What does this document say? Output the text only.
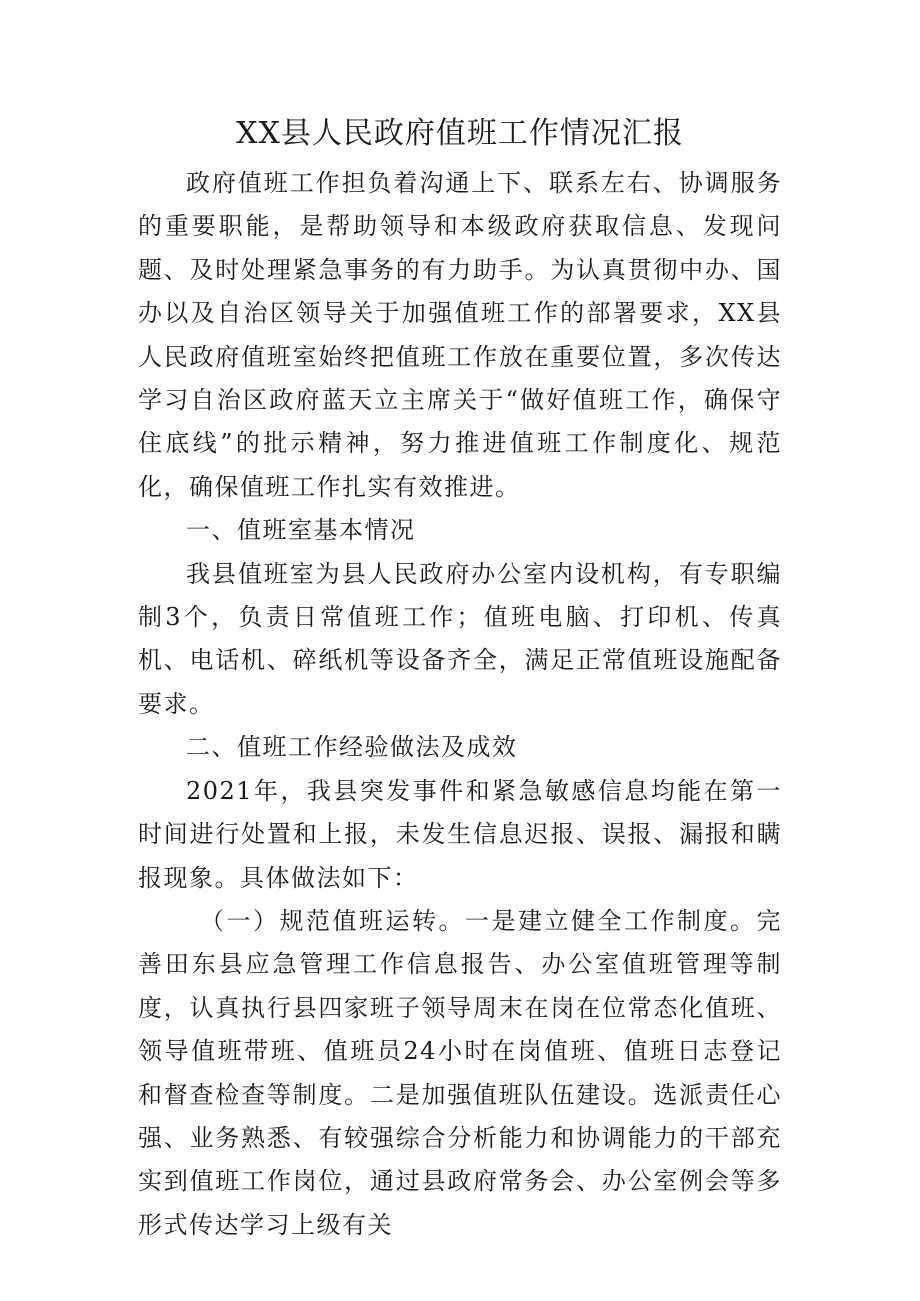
XX县人民政府值班工作情况汇报

政府值班工作担负着沟通上下、联系左右、协调服务的重要职能，是帮助领导和本级政府获取信息、发现问题、及时处理紧急事务的有力助手。为认真贯彻中办、国办以及自治区领导关于加强值班工作的部署要求，XX县人民政府值班室始终把值班工作放在重要位置，多次传达学习自治区政府蓝天立主席关于“做好值班工作，确保守住底线”的批示精神，努力推进值班工作制度化、规范化，确保值班工作扎实有效推进。

一、值班室基本情况

我县值班室为县人民政府办公室内设机构，有专职编制3个，负责日常值班工作；值班电脑、打印机、传真机、电话机、碎纸机等设备齐全，满足正常值班设施配备要求。

二、值班工作经验做法及成效

2021年，我县突发事件和紧急敏感信息均能在第一时间进行处置和上报，未发生信息迟报、误报、漏报和瞒报现象。具体做法如下：

（一）规范值班运转。一是建立健全工作制度。完善田东县应急管理工作信息报告、办公室值班管理等制度，认真执行县四家班子领导周末在岗在位常态化值班、领导值班带班、值班员24小时在岗值班、值班日志登记和督查检查等制度。二是加强值班队伍建设。选派责任心强、业务熟悉、有较强综合分析能力和协调能力的干部充实到值班工作岗位，通过县政府常务会、办公室例会等多形式传达学习上级有关
